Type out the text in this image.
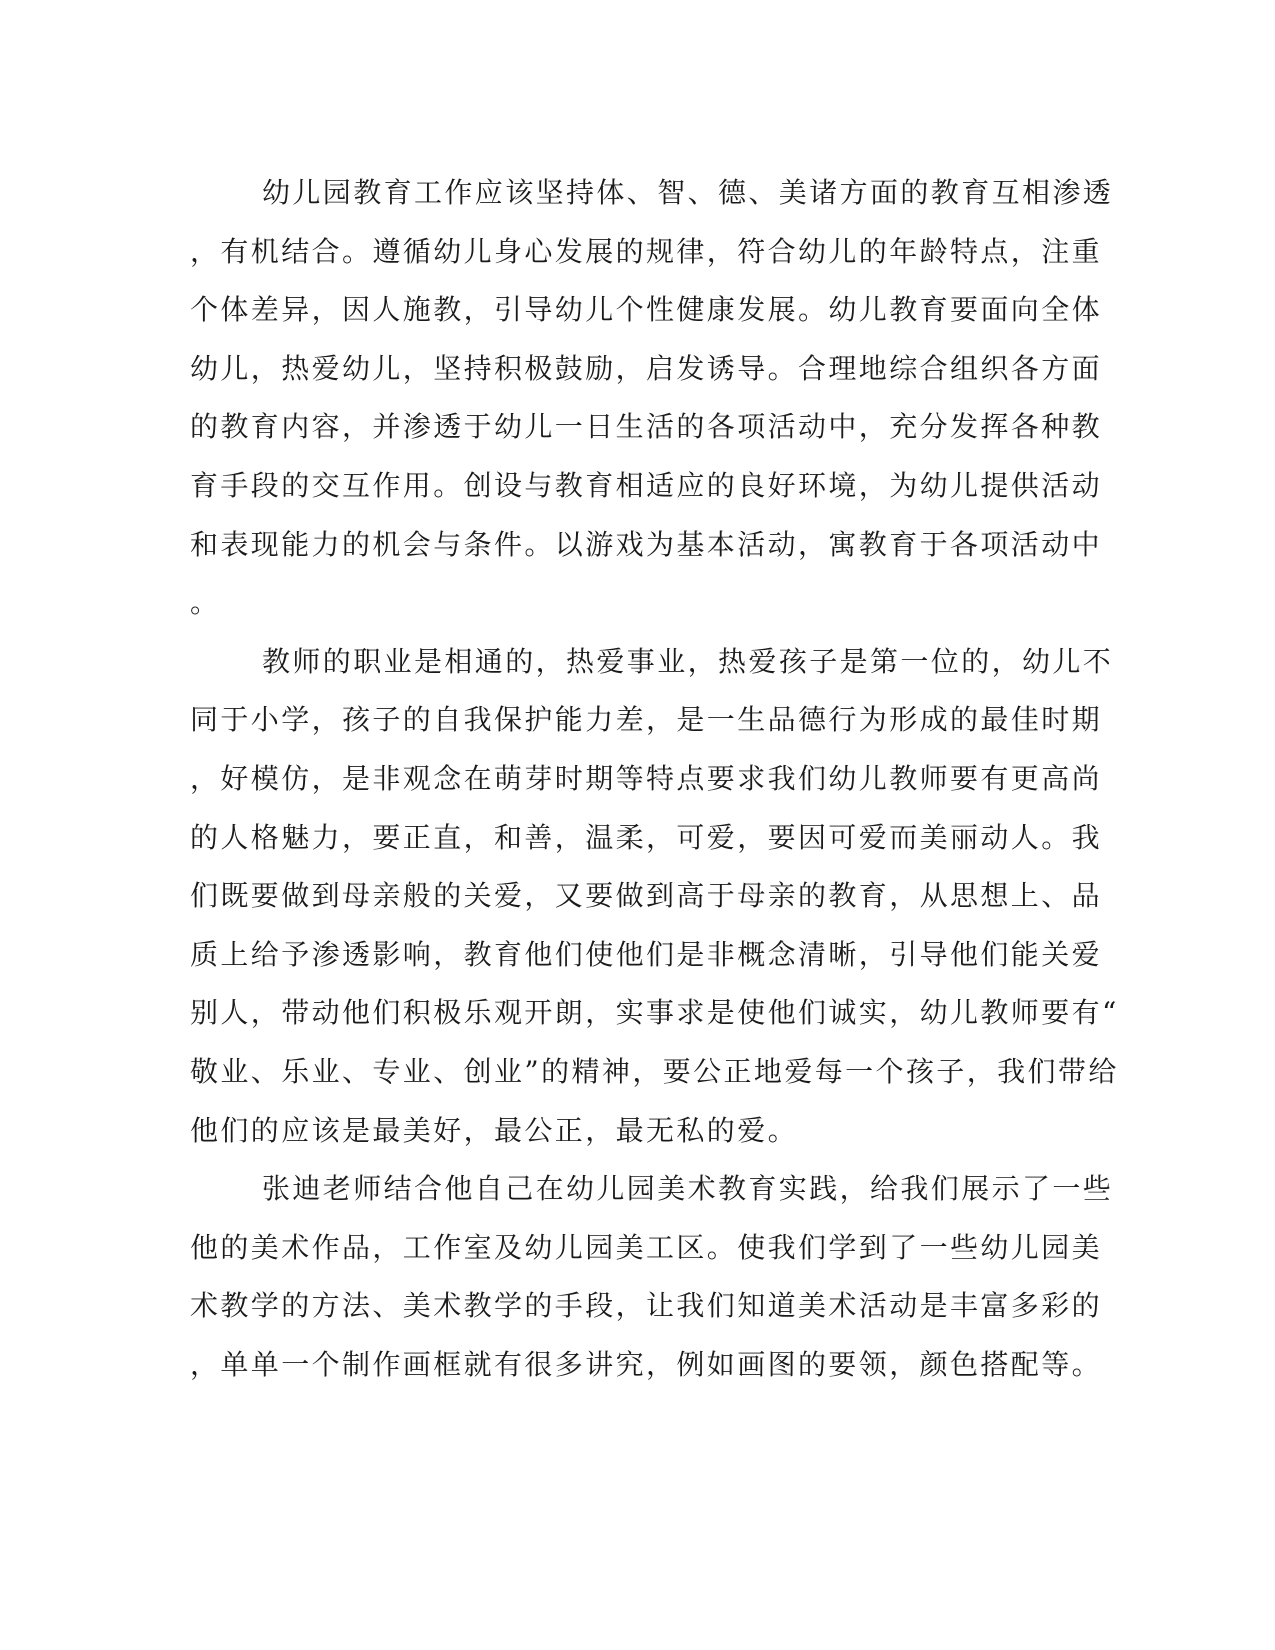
幼儿园教育工作应该坚持体、智、德、美诸方面的教育互相渗透
，有机结合。遵循幼儿身心发展的规律，符合幼儿的年龄特点，注重
个体差异，因人施教，引导幼儿个性健康发展。幼儿教育要面向全体
幼儿，热爱幼儿，坚持积极鼓励，启发诱导。合理地综合组织各方面
的教育内容，并渗透于幼儿一日生活的各项活动中，充分发挥各种教
育手段的交互作用。创设与教育相适应的良好环境，为幼儿提供活动
和表现能力的机会与条件。以游戏为基本活动，寓教育于各项活动中
。

教师的职业是相通的，热爱事业，热爱孩子是第一位的，幼儿不
同于小学，孩子的自我保护能力差，是一生品德行为形成的最佳时期
，好模仿，是非观念在萌芽时期等特点要求我们幼儿教师要有更高尚
的人格魅力，要正直，和善，温柔，可爱，要因可爱而美丽动人。我
们既要做到母亲般的关爱，又要做到高于母亲的教育，从思想上、品
质上给予渗透影响，教育他们使他们是非概念清晰，引导他们能关爱
别人，带动他们积极乐观开朗，实事求是使他们诚实，幼儿教师要有“
敬业、乐业、专业、创业”的精神，要公正地爱每一个孩子，我们带给
他们的应该是最美好，最公正，最无私的爱。

张迪老师结合他自己在幼儿园美术教育实践，给我们展示了一些
他的美术作品，工作室及幼儿园美工区。使我们学到了一些幼儿园美
术教学的方法、美术教学的手段，让我们知道美术活动是丰富多彩的
，单单一个制作画框就有很多讲究，例如画图的要领，颜色搭配等。
